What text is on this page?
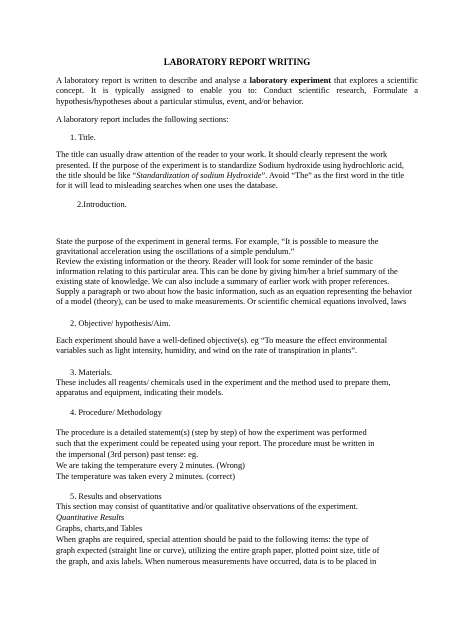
LABORATORY REPORT WRITING
A laboratory report is written to describe and analyse a laboratory experiment that explores a scientific
concept. It is typically assigned to enable you to: Conduct scientific research, Formulate a
hypothesis/hypotheses about a particular stimulus, event, and/or behavior.
A laboratory report includes the following sections:
1. Title.
The title can usually draw attention of the reader to your work. It should clearly represent the work
presented. If the purpose of the experiment is to standardize Sodium hydroxide using hydrochloric acid,
the title should be like “Standardization of sodium Hydroxide”. Avoid “The” as the first word in the title
for it will lead to misleading searches when one uses the database.
2.Introduction.
State the purpose of the experiment in general terms. For example, “It is possible to measure the
gravitational acceleration using the oscillations of a simple pendulum.”
Review the existing information or the theory. Reader will look for some reminder of the basic
information relating to this particular area. This can be done by giving him/her a brief summary of the
existing state of knowledge. We can also include a summary of earlier work with proper references.
Supply a paragraph or two about how the basic information, such as an equation representing the behavior
of a model (theory), can be used to make measurements. Or scientific chemical equations involved, laws
2. Objective/ hypothesis/Aim.
Each experiment should have a well-defined objective(s). eg “To measure the effect environmental
variables such as light intensity, humidity, and wind on the rate of transpiration in plants”.
3. Materials.
These includes all reagents/ chemicals used in the experiment and the method used to prepare them,
apparatus and equipment, indicating their models.
4. Procedure/ Methodology
The procedure is a detailed statement(s) (step by step) of how the experiment was performed
such that the experiment could be repeated using your report. The procedure must be written in
the impersonal (3rd person) past tense: eg.
We are taking the temperature every 2 minutes. (Wrong)
The temperature was taken every 2 minutes. (correct)
5. Results and observations
This section may consist of quantitative and/or qualitative observations of the experiment.
Quantitative Results
Graphs, charts,and Tables
When graphs are required, special attention should be paid to the following items: the type of
graph expected (straight line or curve), utilizing the entire graph paper, plotted point size, title of
the graph, and axis labels. When numerous measurements have occurred, data is to be placed in
